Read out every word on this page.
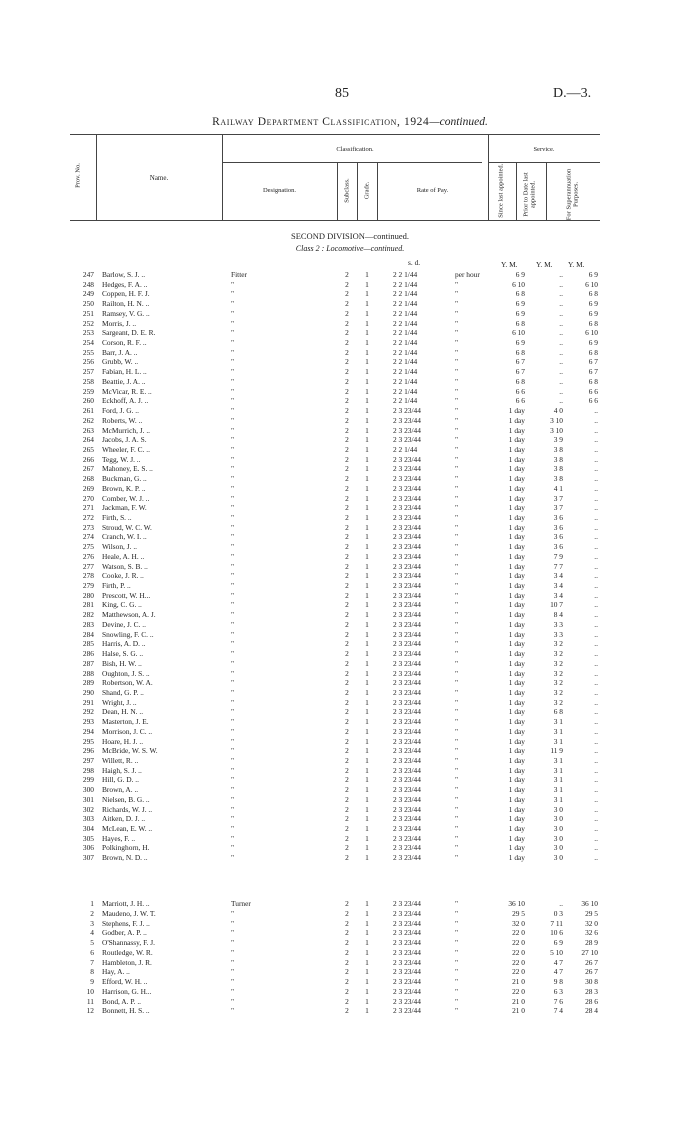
85	D.—3.
Railway Department Classification, 1924—continued.
Prov. No.	Name.
Classification.	Service.
Designation.	Subclass. Grade.	Rate of Pay.	Since last appointed.	Prior to Date last appointed.	For Superannuation Purposes.
SECOND DIVISION—continued.
Class 2 : Locomotive—continued.
s. d.	Y. M.	Y. M. Y. M.
247 Barlow, S. J. ..	Fitter	2	1	2 2 1/44	per hour	6 9	..	6 9
248 Hedges, F. A. ..	"	2	1	2 2 1/44	"	6 10	..	6 10
249 Coppen, H. F. J.	"	2	1	2 2 1/44	"	6 8	..	6 8
250 Railton, H. N. ..	"	2	1	2 2 1/44	"	6 9	..	6 9
251 Ramsey, V. G. ..	"	2	1	2 2 1/44	"	6 9	..	6 9
252 Morris, J. ..	"	2	1	2 2 1/44	"	6 8	..	6 8
253 Sargeant, D. E. R.	"	2	1	2 2 1/44	"	6 10	..	6 10
254 Corson, R. F. ..	"	2	1	2 2 1/44	"	6 9	..	6 9
255 Barr, J. A. ..	"	2	1	2 2 1/44	"	6 8	..	6 8
256 Grubb, W. ..	"	2	1	2 2 1/44	"	6 7	..	6 7
257 Fabian, H. L. ..	"	2	1	2 2 1/44	"	6 7	..	6 7
258 Beattie, J. A. ..	"	2	1	2 2 1/44	"	6 8	..	6 8
259 McVicar, R. E. ..	"	2	1	2 2 1/44	"	6 6	..	6 6
260 Eckhoff, A. J. ..	"	2	1	2 2 1/44	"	6 6	..	6 6
261 Ford, J. G. ..	"	2	1	2 3 23/44	"	1 day	4 0	..
262 Roberts, W. ..	"	2	1	2 3 23/44	"	1 day	3 10	..
263 McMurrich, J. ..	"	2	1	2 3 23/44	"	1 day	3 10	..
264 Jacobs, J. A. S.	"	2	1	2 3 23/44	"	1 day	3 9	..
265 Wheeler, F. C. ..	"	2	1	2 2 1/44	"	1 day	3 8	..
266 Tegg, W. J. ..	"	2	1	2 3 23/44	"	1 day	3 8	..
267 Mahoney, E. S. ..	"	2	1	2 3 23/44	"	1 day	3 8	..
268 Buckman, G. ..	"	2	1	2 3 23/44	"	1 day	3 8	..
269 Brown, K. P. ..	"	2	1	2 3 23/44	"	1 day	4 1	..
270 Comber, W. J. ..	"	2	1	2 3 23/44	"	1 day	3 7	..
271 Jackman, F. W.	"	2	1	2 3 23/44	"	1 day	3 7	..
272 Firth, S. ..	"	2	1	2 3 23/44	"	1 day	3 6	..
273 Stroud, W. C. W.	"	2	1	2 3 23/44	"	1 day	3 6	..
274 Cranch, W. I. ..	"	2	1	2 3 23/44	"	1 day	3 6	..
275 Wilson, J. ..	"	2	1	2 3 23/44	"	1 day	3 6	..
276 Heale, A. H. ..	"	2	1	2 3 23/44	"	1 day	7 9	..
277 Watson, S. B. ..	"	2	1	2 3 23/44	"	1 day	7 7	..
278 Cooke, J. R. ..	"	2	1	2 3 23/44	"	1 day	3 4	..
279 Firth, P. ..	"	2	1	2 3 23/44	"	1 day	3 4	..
280 Prescott, W. H...	"	2	1	2 3 23/44	"	1 day	3 4	..
281 King, C. G. ..	"	2	1	2 3 23/44	"	1 day	10 7	..
282 Matthewson, A. J.	"	2	1	2 3 23/44	"	1 day	8 4	..
283 Devine, J. C. ..	"	2	1	2 3 23/44	"	1 day	3 3	..
284 Snowling, F. C. ..	"	2	1	2 3 23/44	"	1 day	3 3	..
285 Harris, A. D. ..	"	2	1	2 3 23/44	"	1 day	3 2	..
286 Halse, S. G. ..	"	2	1	2 3 23/44	"	1 day	3 2	..
287 Bish, H. W. ..	"	2	1	2 3 23/44	"	1 day	3 2	..
288 Oughton, J. S. ..	"	2	1	2 3 23/44	"	1 day	3 2	..
289 Robertson, W. A.	"	2	1	2 3 23/44	"	1 day	3 2	..
290 Shand, G. P. ..	"	2	1	2 3 23/44	"	1 day	3 2	..
291 Wright, J. ..	"	2	1	2 3 23/44	"	1 day	3 2	..
292 Dean, H. N. ..	"	2	1	2 3 23/44	"	1 day	6 8	..
293 Masterton, J. E.	"	2	1	2 3 23/44	"	1 day	3 1	..
294 Morrison, J. C. ..	"	2	1	2 3 23/44	"	1 day	3 1	..
295 Hoare, H. J. ..	"	2	1	2 3 23/44	"	1 day	3 1	..
296 McBride, W. S. W.	"	2	1	2 3 23/44	"	1 day	11 9	..
297 Willett, R. ..	"	2	1	2 3 23/44	"	1 day	3 1	..
298 Haigh, S. J. ..	"	2	1	2 3 23/44	"	1 day	3 1	..
299 Hill, G. D. ..	"	2	1	2 3 23/44	"	1 day	3 1	..
300 Brown, A. ..	"	2	1	2 3 23/44	"	1 day	3 1	..
301 Nielsen, B. G. ..	"	2	1	2 3 23/44	"	1 day	3 1	..
302 Richards, W. J. ..	"	2	1	2 3 23/44	"	1 day	3 0	..
303 Aitken, D. J. ..	"	2	1	2 3 23/44	"	1 day	3 0	..
304 McLean, E. W. ..	"	2	1	2 3 23/44	"	1 day	3 0	..
305 Hayes, F. ..	"	2	1	2 3 23/44	"	1 day	3 0	..
306 Polkinghorn, H.	"	2	1	2 3 23/44	"	1 day	3 0	..
307 Brown, N. D. ..	"	2	1	2 3 23/44	"	1 day	3 0	..
1 Marriott, J. H. ..	Turner	2	1	2 3 23/44	"	36 10	..	36 10
2 Maudeno, J. W. T.	"	2	1	2 3 23/44	"	29 5	0 3	29 5
3 Stephens, F. J. ..	"	2	1	2 3 23/44	"	32 0	7 11	32 0
4 Godber, A. P. ..	"	2	1	2 3 23/44	"	22 0	10 6	32 6
5 O'Shannassy, F. J.	"	2	1	2 3 23/44	"	22 0	6 9	28 9
6 Routledge, W. R.	"	2	1	2 3 23/44	"	22 0	5 10	27 10
7 Hambleton, J. R.	"	2	1	2 3 23/44	"	22 0	4 7	26 7
8 Hay, A. ..	"	2	1	2 3 23/44	"	22 0	4 7	26 7
9 Efford, W. H. ..	"	2	1	2 3 23/44	"	21 0	9 8	30 8
10 Harrison, G. H...	"	2	1	2 3 23/44	"	22 0	6 3	28 3
11 Bond, A. P. ..	"	2	1	2 3 23/44	"	21 0	7 6	28 6
12 Bonnett, H. S. ..	"	2	1	2 3 23/44	"	21 0	7 4	28 4
